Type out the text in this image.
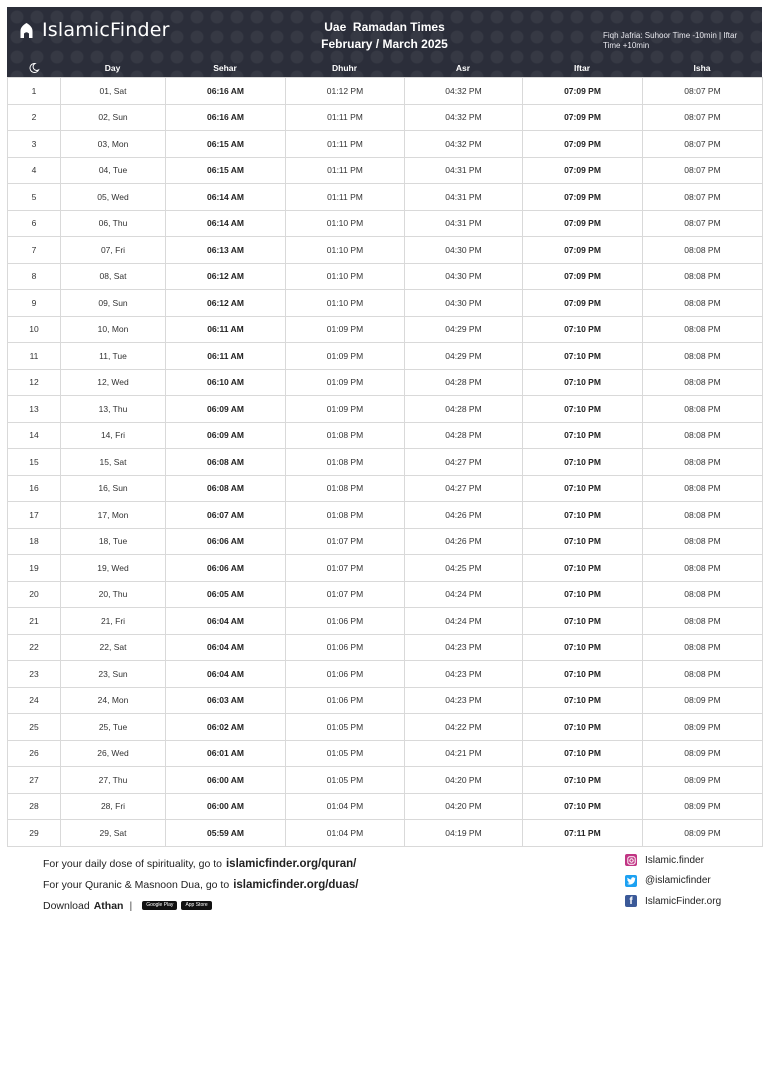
IslamicFinder	Uae  Ramadan Times
February / March 2025
Fiqh Jafria: Suhoor Time -10min | Iftar Time +10min
Day	Sehar	Dhuhr	Asr	Iftar	Isha
1	01, Sat	06:16 AM	01:12 PM	04:32 PM	07:09 PM	08:07 PM
2	02, Sun	06:16 AM	01:11 PM	04:32 PM	07:09 PM	08:07 PM
3	03, Mon	06:15 AM	01:11 PM	04:32 PM	07:09 PM	08:07 PM
4	04, Tue	06:15 AM	01:11 PM	04:31 PM	07:09 PM	08:07 PM
5	05, Wed	06:14 AM	01:11 PM	04:31 PM	07:09 PM	08:07 PM
6	06, Thu	06:14 AM	01:10 PM	04:31 PM	07:09 PM	08:07 PM
7	07, Fri	06:13 AM	01:10 PM	04:30 PM	07:09 PM	08:08 PM
8	08, Sat	06:12 AM	01:10 PM	04:30 PM	07:09 PM	08:08 PM
9	09, Sun	06:12 AM	01:10 PM	04:30 PM	07:09 PM	08:08 PM
10	10, Mon	06:11 AM	01:09 PM	04:29 PM	07:10 PM	08:08 PM
11	11, Tue	06:11 AM	01:09 PM	04:29 PM	07:10 PM	08:08 PM
12	12, Wed	06:10 AM	01:09 PM	04:28 PM	07:10 PM	08:08 PM
13	13, Thu	06:09 AM	01:09 PM	04:28 PM	07:10 PM	08:08 PM
14	14, Fri	06:09 AM	01:08 PM	04:28 PM	07:10 PM	08:08 PM
15	15, Sat	06:08 AM	01:08 PM	04:27 PM	07:10 PM	08:08 PM
16	16, Sun	06:08 AM	01:08 PM	04:27 PM	07:10 PM	08:08 PM
17	17, Mon	06:07 AM	01:08 PM	04:26 PM	07:10 PM	08:08 PM
18	18, Tue	06:06 AM	01:07 PM	04:26 PM	07:10 PM	08:08 PM
19	19, Wed	06:06 AM	01:07 PM	04:25 PM	07:10 PM	08:08 PM
20	20, Thu	06:05 AM	01:07 PM	04:24 PM	07:10 PM	08:08 PM
21	21, Fri	06:04 AM	01:06 PM	04:24 PM	07:10 PM	08:08 PM
22	22, Sat	06:04 AM	01:06 PM	04:23 PM	07:10 PM	08:08 PM
23	23, Sun	06:04 AM	01:06 PM	04:23 PM	07:10 PM	08:08 PM
24	24, Mon	06:03 AM	01:06 PM	04:23 PM	07:10 PM	08:09 PM
25	25, Tue	06:02 AM	01:05 PM	04:22 PM	07:10 PM	08:09 PM
26	26, Wed	06:01 AM	01:05 PM	04:21 PM	07:10 PM	08:09 PM
27	27, Thu	06:00 AM	01:05 PM	04:20 PM	07:10 PM	08:09 PM
28	28, Fri	06:00 AM	01:04 PM	04:20 PM	07:10 PM	08:09 PM
29	29, Sat	05:59 AM	01:04 PM	04:19 PM	07:11 PM	08:09 PM
For your daily dose of spirituality, go to islamicfinder.org/quran/
For your Quranic & Masnoon Dua, go to islamicfinder.org/duas/
Download Athan |	Google Play	App Store
Islamic.finder
@islamicfinder
f IslamicFinder.org
